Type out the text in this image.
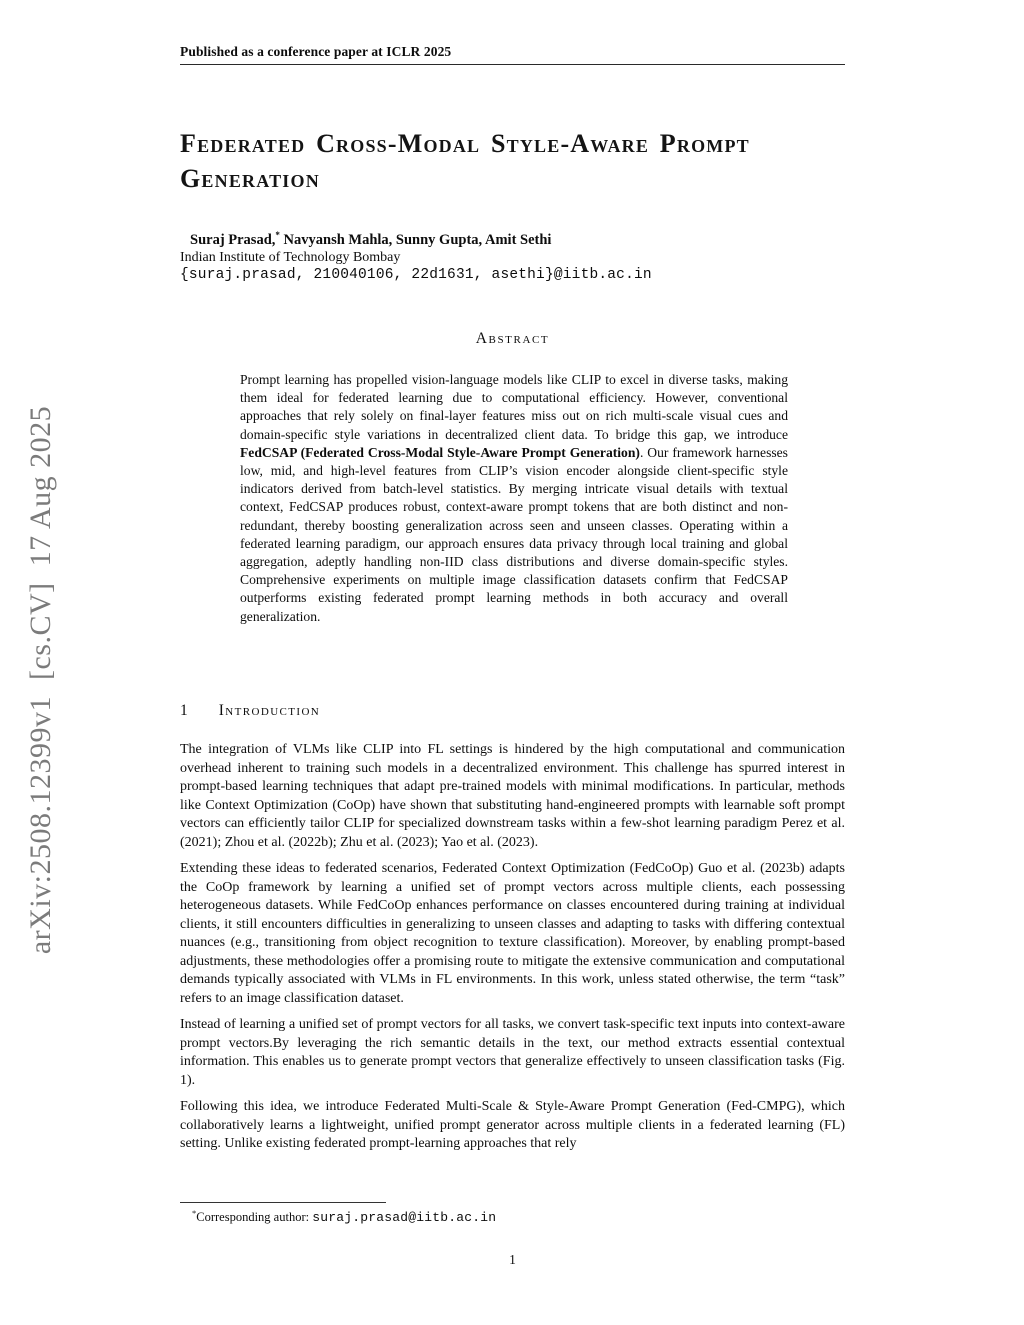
arXiv:2508.12399v1  [cs.CV]  17 Aug 2025
Published as a conference paper at ICLR 2025
Federated Cross-Modal Style-Aware Prompt Generation
Suraj Prasad,* Navyansh Mahla, Sunny Gupta, Amit Sethi
Indian Institute of Technology Bombay
{suraj.prasad, 210040106, 22d1631, asethi}@iitb.ac.in
Abstract
Prompt learning has propelled vision-language models like CLIP to excel in diverse tasks, making them ideal for federated learning due to computational efficiency. However, conventional approaches that rely solely on final-layer features miss out on rich multi-scale visual cues and domain-specific style variations in decentralized client data. To bridge this gap, we introduce FedCSAP (Federated Cross-Modal Style-Aware Prompt Generation). Our framework harnesses low, mid, and high-level features from CLIP’s vision encoder alongside client-specific style indicators derived from batch-level statistics. By merging intricate visual details with textual context, FedCSAP produces robust, context-aware prompt tokens that are both distinct and non-redundant, thereby boosting generalization across seen and unseen classes. Operating within a federated learning paradigm, our approach ensures data privacy through local training and global aggregation, adeptly handling non-IID class distributions and diverse domain-specific styles. Comprehensive experiments on multiple image classification datasets confirm that FedCSAP outperforms existing federated prompt learning methods in both accuracy and overall generalization.
1 Introduction

The integration of VLMs like CLIP into FL settings is hindered by the high computational and communication overhead inherent to training such models in a decentralized environment. This challenge has spurred interest in prompt-based learning techniques that adapt pre-trained models with minimal modifications. In particular, methods like Context Optimization (CoOp) have shown that substituting hand-engineered prompts with learnable soft prompt vectors can efficiently tailor CLIP for specialized downstream tasks within a few-shot learning paradigm Perez et al. (2021); Zhou et al. (2022b); Zhu et al. (2023); Yao et al. (2023).

Extending these ideas to federated scenarios, Federated Context Optimization (FedCoOp) Guo et al. (2023b) adapts the CoOp framework by learning a unified set of prompt vectors across multiple clients, each possessing heterogeneous datasets. While FedCoOp enhances performance on classes encountered during training at individual clients, it still encounters difficulties in generalizing to unseen classes and adapting to tasks with differing contextual nuances (e.g., transitioning from object recognition to texture classification). Moreover, by enabling prompt-based adjustments, these methodologies offer a promising route to mitigate the extensive communication and computational demands typically associated with VLMs in FL environments. In this work, unless stated otherwise, the term “task” refers to an image classification dataset.

Instead of learning a unified set of prompt vectors for all tasks, we convert task-specific text inputs into context-aware prompt vectors.By leveraging the rich semantic details in the text, our method extracts essential contextual information. This enables us to generate prompt vectors that generalize effectively to unseen classification tasks (Fig. 1).

Following this idea, we introduce Federated Multi-Scale & Style-Aware Prompt Generation (Fed-CMPG), which collaboratively learns a lightweight, unified prompt generator across multiple clients in a federated learning (FL) setting. Unlike existing federated prompt-learning approaches that rely

*Corresponding author: suraj.prasad@iitb.ac.in
1
